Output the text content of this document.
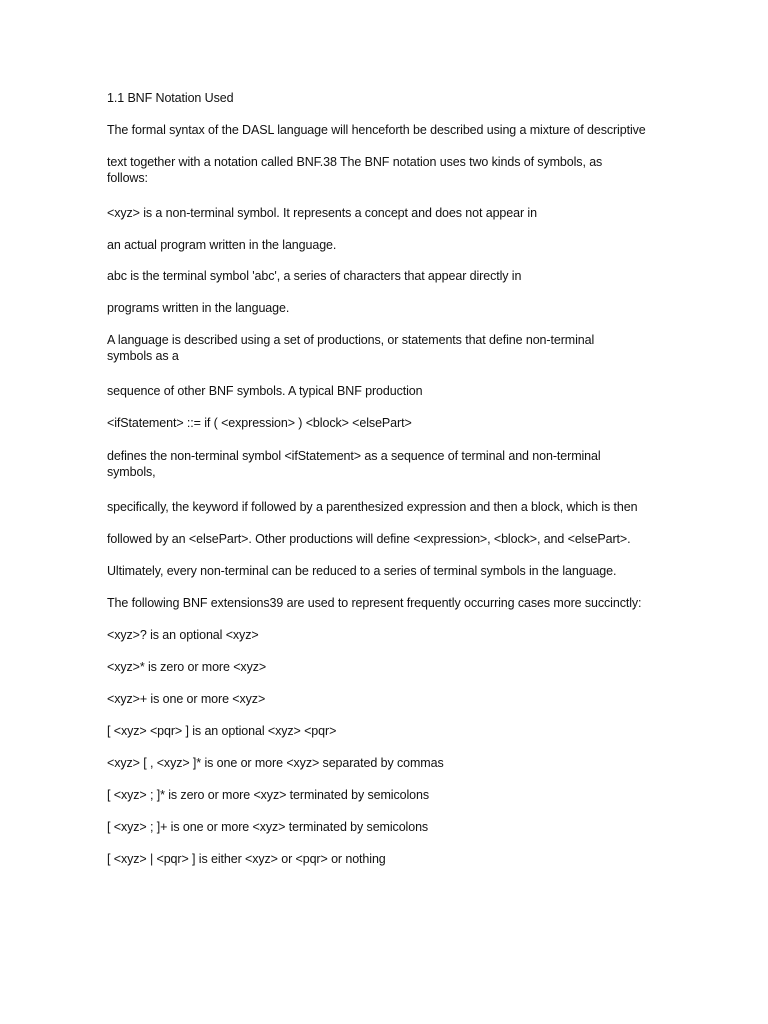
1.1 BNF Notation Used
The formal syntax of the DASL language will henceforth be described using a mixture of descriptive
text together with a notation called BNF.38 The BNF notation uses two kinds of symbols, as follows:
<xyz> is a non-terminal symbol. It represents a concept and does not appear in
an actual program written in the language.
abc is the terminal symbol 'abc', a series of characters that appear directly in
programs written in the language.
A language is described using a set of productions, or statements that define non-terminal symbols as a
sequence of other BNF symbols. A typical BNF production
<ifStatement> ::= if ( <expression> ) <block> <elsePart>
defines the non-terminal symbol <ifStatement> as a sequence of terminal and non-terminal symbols,
specifically, the keyword if followed by a parenthesized expression and then a block, which is then
followed by an <elsePart>. Other productions will define <expression>, <block>, and <elsePart>.
Ultimately, every non-terminal can be reduced to a series of terminal symbols in the language.
The following BNF extensions39 are used to represent frequently occurring cases more succinctly:
<xyz>? is an optional <xyz>
<xyz>* is zero or more <xyz>
<xyz>+ is one or more <xyz>
[ <xyz> <pqr> ] is an optional <xyz> <pqr>
<xyz> [ , <xyz> ]* is one or more <xyz> separated by commas
[ <xyz> ; ]* is zero or more <xyz> terminated by semicolons
[ <xyz> ; ]+ is one or more <xyz> terminated by semicolons
[ <xyz> | <pqr> ] is either <xyz> or <pqr> or nothing
